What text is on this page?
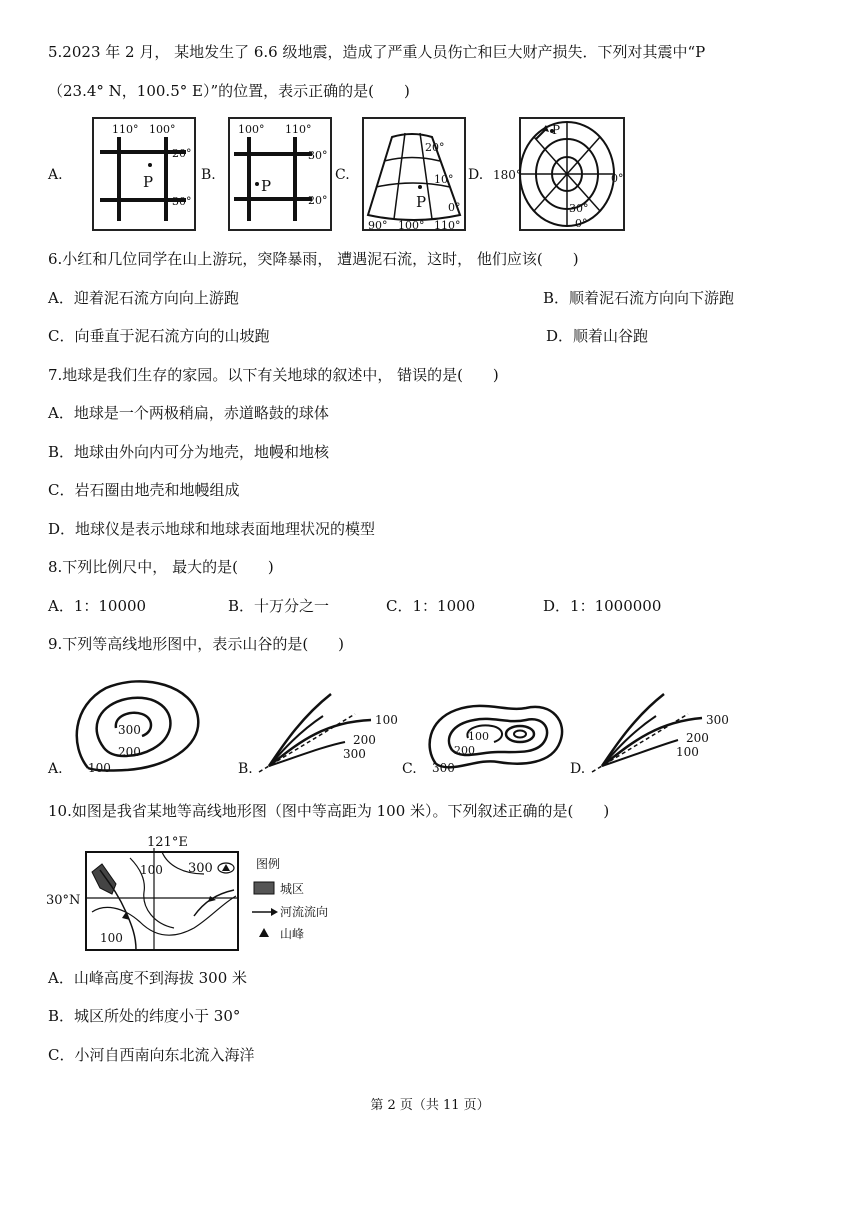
5.2023 年 2 月， 某地发生了 6.6 级地震，造成了严重人员伤亡和巨大财产损失．下列对其震中“P
（23.4° N，100.5° E）”的位置，表示正确的是(　　)
A.
110° 100°
20°
30°
P	B.
100° 110°
30°
20°
P
C.
20°
10°
0°
P
90° 100° 110°
D.
P
180°	0°
30°
0°
6.小红和几位同学在山上游玩，突降暴雨， 遭遇泥石流，这时， 他们应该(　　)
A．迎着泥石流方向向上游跑	B．顺着泥石流方向向下游跑
C．向垂直于泥石流方向的山坡跑	D．顺着山谷跑
7.地球是我们生存的家园。以下有关地球的叙述中， 错误的是(　　)
A．地球是一个两极稍扁，赤道略鼓的球体
B．地球由外向内可分为地壳，地幔和地核
C．岩石圈由地壳和地幔组成
D．地球仪是表示地球和地球表面地理状况的模型
8.下列比例尺中， 最大的是(　　)
A．1：10000	B．十万分之一	C．1：1000	D．1：1000000
9.下列等高线地形图中，表示山谷的是(　　)
A.
300
200
100	B.
100
200
300
C.
100
200
300	D.
300
200
100
10.如图是我省某地等高线地形图（图中等高距为 100 米）。下列叙述正确的是(　　)
121°E
30°N
100 300
100
图例
城区
河流流向
山峰
A．山峰高度不到海拔 300 米
B．城区所处的纬度小于 30°
C．小河自西南向东北流入海洋
第 2 页（共 11 页）
